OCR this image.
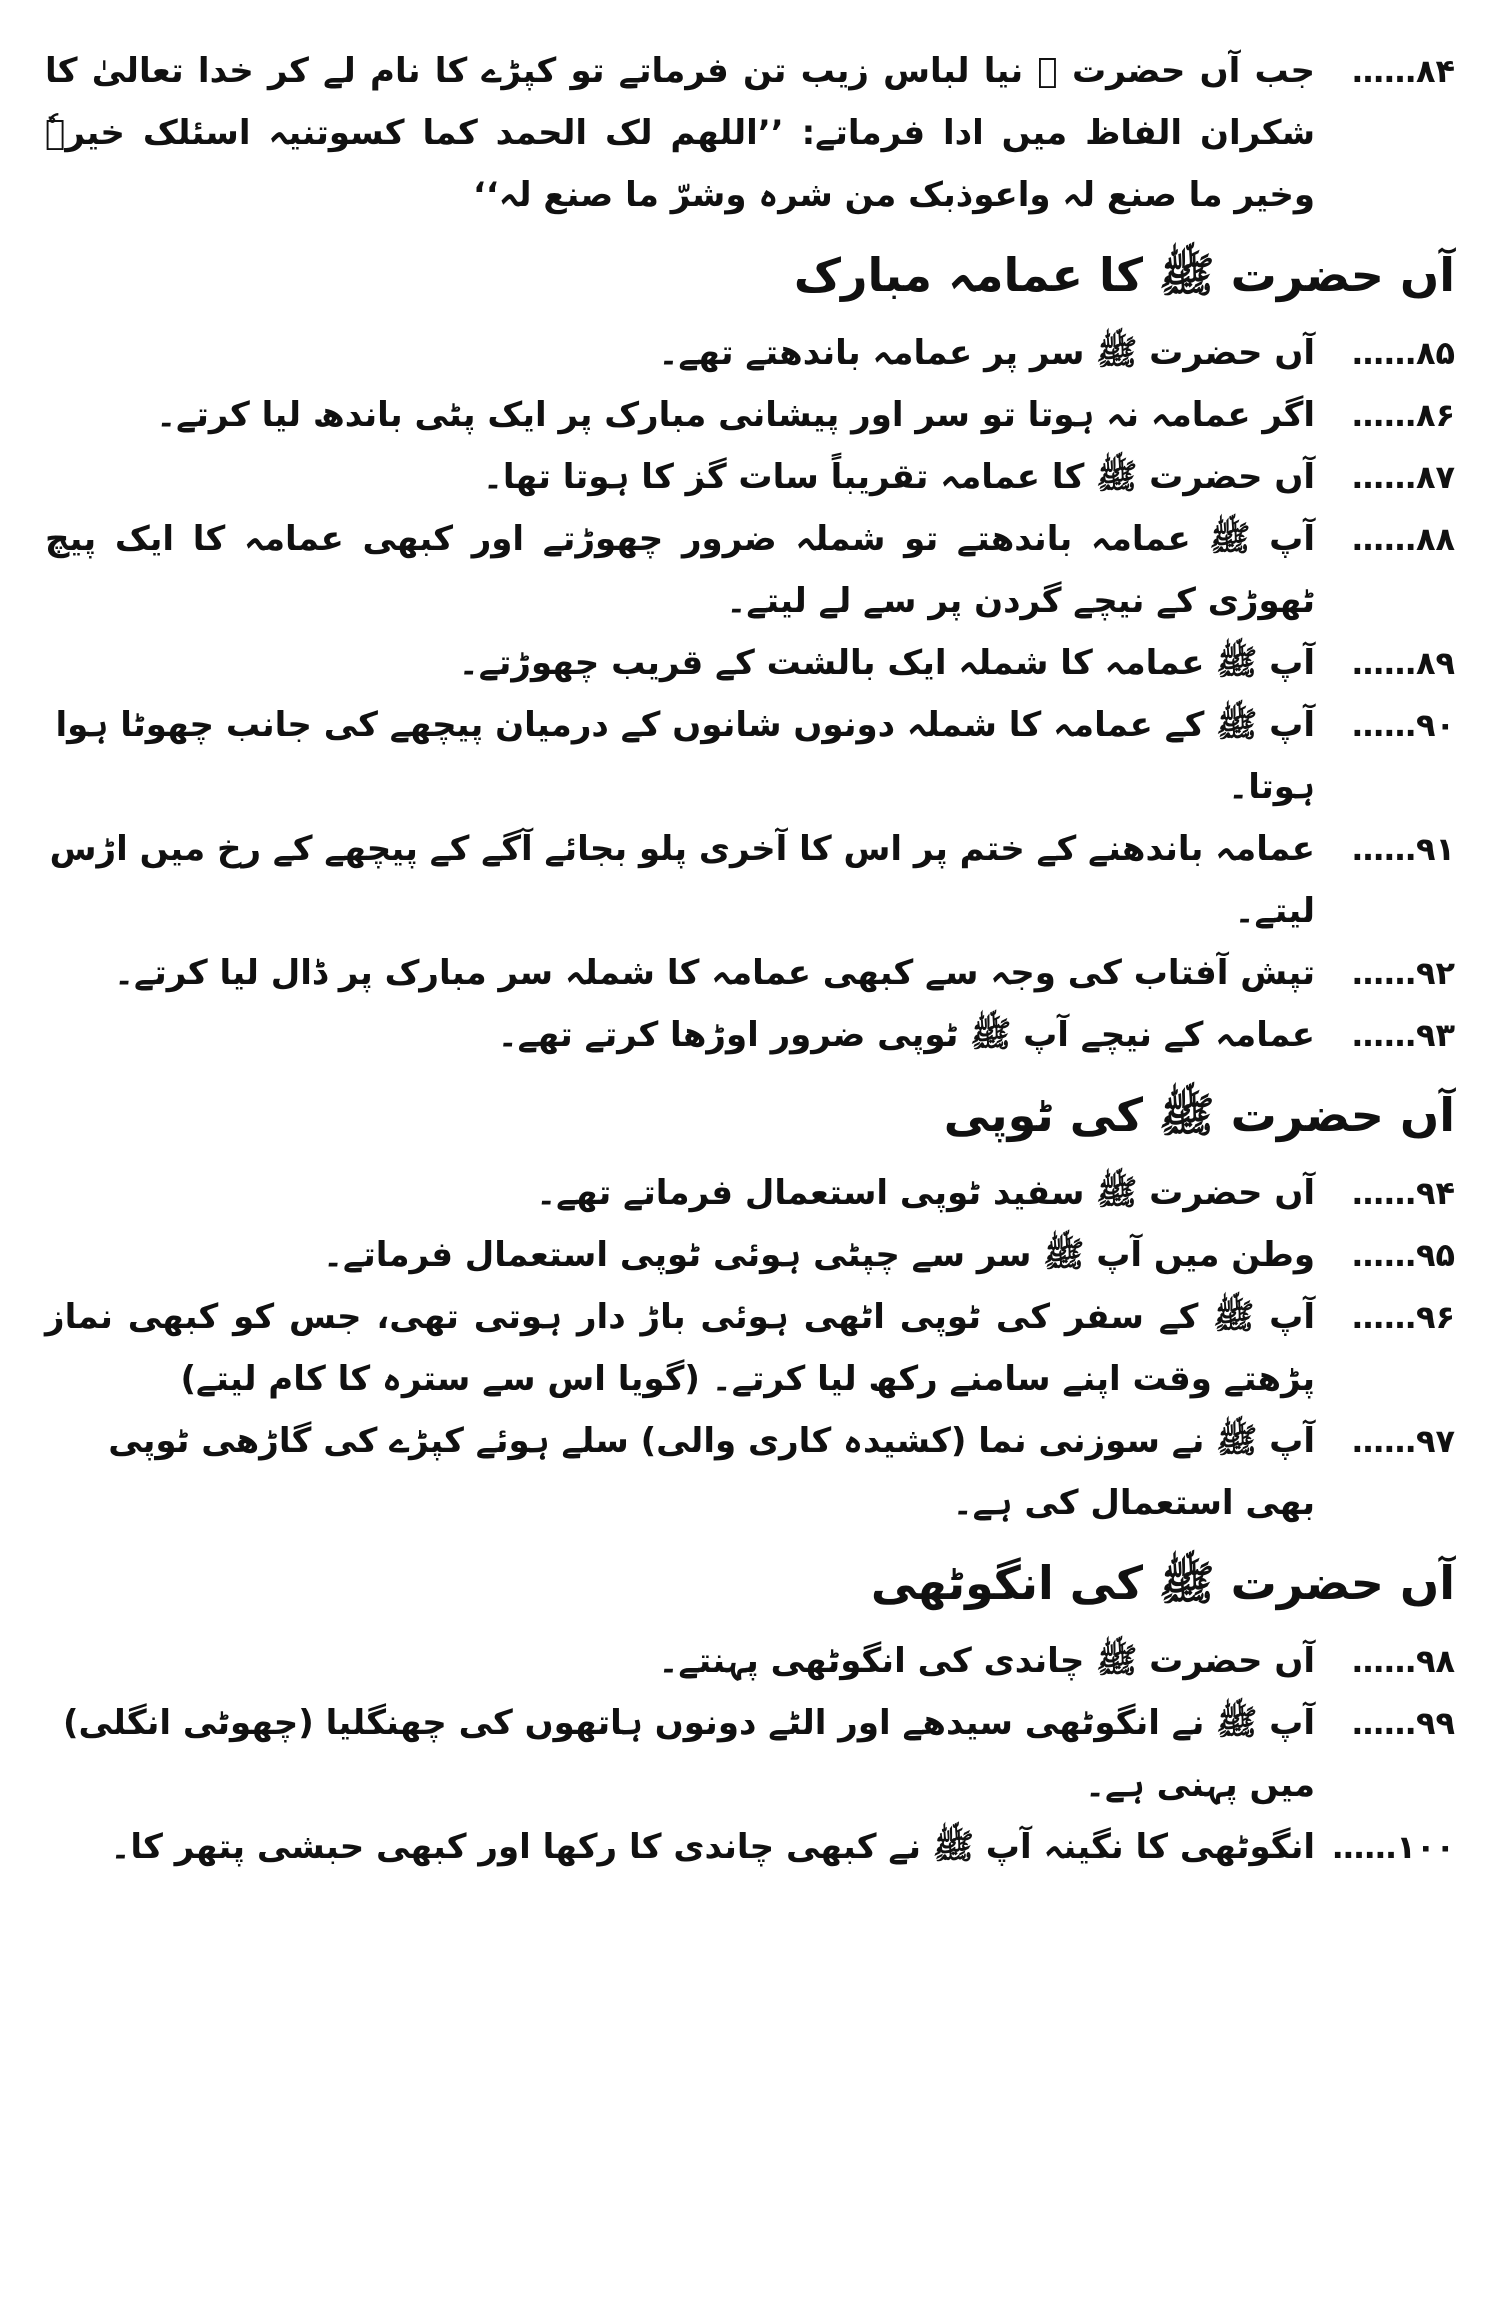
۸۴……
جب آں حضرت ﷺ نیا لباس زیب تن فرماتے تو کپڑے کا نام لے کر خدا تعالیٰ کا شکران الفاظ میں ادا فرماتے: ’’اللھم لک الحمد کما کسوتنیہ اسئلک خیرہٗ وخیر ما صنع لہ واعوذبک من شرہ وشرّ ما صنع لہ‘‘
آں حضرت ﷺ کا عمامہ مبارک
۸۵……
آں حضرت ﷺ سر پر عمامہ باندھتے تھے۔
۸۶……
اگر عمامہ نہ ہوتا تو سر اور پیشانی مبارک پر ایک پٹی باندھ لیا کرتے۔
۸۷……
آں حضرت ﷺ کا عمامہ تقریباً سات گز کا ہوتا تھا۔
۸۸……
آپ ﷺ عمامہ باندھتے تو شملہ ضرور چھوڑتے اور کبھی عمامہ کا ایک پیچ ٹھوڑی کے نیچے گردن پر سے لے لیتے۔
۸۹……
آپ ﷺ عمامہ کا شملہ ایک بالشت کے قریب چھوڑتے۔
۹۰……
آپ ﷺ کے عمامہ کا شملہ دونوں شانوں کے درمیان پیچھے کی جانب چھوٹا ہوا ہوتا۔
۹۱……
عمامہ باندھنے کے ختم پر اس کا آخری پلو بجائے آگے کے پیچھے کے رخ میں اڑس لیتے۔
۹۲……
تپش آفتاب کی وجہ سے کبھی عمامہ کا شملہ سر مبارک پر ڈال لیا کرتے۔
۹۳……
عمامہ کے نیچے آپ ﷺ ٹوپی ضرور اوڑھا کرتے تھے۔
آں حضرت ﷺ کی ٹوپی
۹۴……
آں حضرت ﷺ سفید ٹوپی استعمال فرماتے تھے۔
۹۵……
وطن میں آپ ﷺ سر سے چپٹی ہوئی ٹوپی استعمال فرماتے۔
۹۶……
آپ ﷺ کے سفر کی ٹوپی اٹھی ہوئی باڑ دار ہوتی تھی، جس کو کبھی نماز پڑھتے وقت اپنے سامنے رکھ لیا کرتے۔ (گویا اس سے سترہ کا کام لیتے)
۹۷……
آپ ﷺ نے سوزنی نما (کشیدہ کاری والی) سلے ہوئے کپڑے کی گاڑھی ٹوپی بھی استعمال کی ہے۔
آں حضرت ﷺ کی انگوٹھی
۹۸……
آں حضرت ﷺ چاندی کی انگوٹھی پہنتے۔
۹۹……
آپ ﷺ نے انگوٹھی سیدھے اور الٹے دونوں ہاتھوں کی چھنگلیا (چھوٹی انگلی) میں پہنی ہے۔
۱۰۰……
انگوٹھی کا نگینہ آپ ﷺ نے کبھی چاندی کا رکھا اور کبھی حبشی پتھر کا۔
